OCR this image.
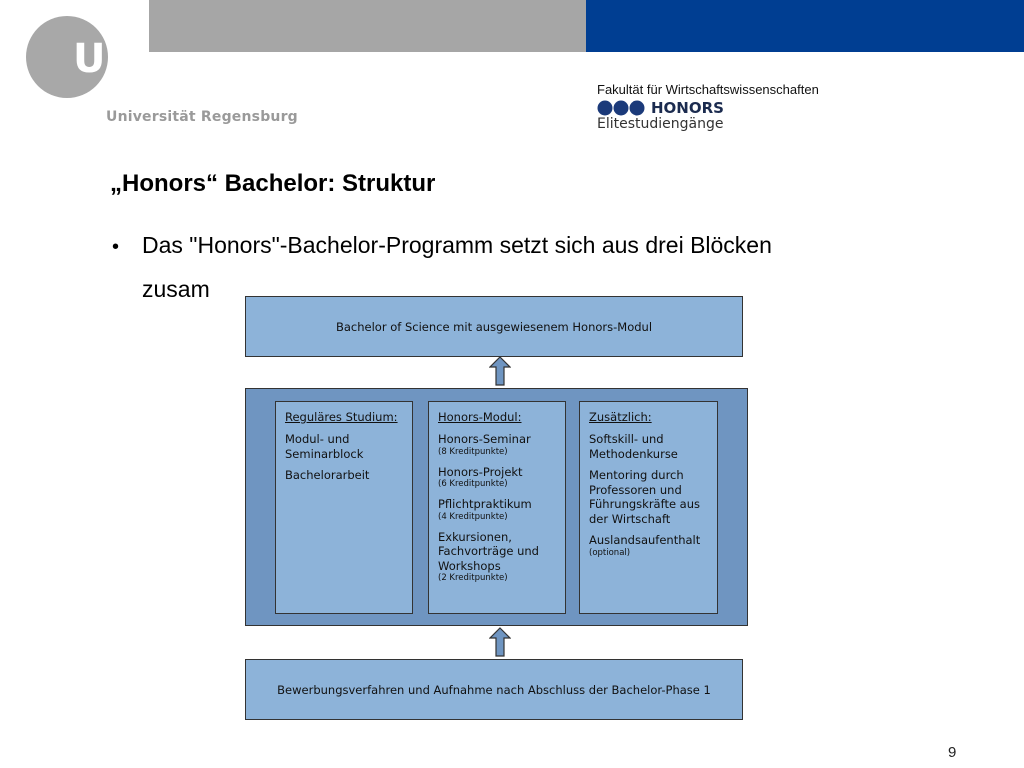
UR
Universität Regensburg
Fakultät für Wirtschaftswissenschaften
HONORS
Elitestudiengänge
„Honors“ Bachelor: Struktur
• Das "Honors"-Bachelor-Programm setzt sich aus drei Blöcken
zusam
Bachelor of Science mit ausgewiesenem Honors-Modul
Reguläres Studium:
Modul- und
Seminarblock
Bachelorarbeit
Honors-Modul:
Honors-Seminar
(8 Kreditpunkte)
Honors-Projekt
(6 Kreditpunkte)
Pflichtpraktikum
(4 Kreditpunkte)
Exkursionen,
Fachvorträge und
Workshops
(2 Kreditpunkte)
Zusätzlich:
Softskill- und
Methodenkurse
Mentoring durch
Professoren und
Führungskräfte aus
der Wirtschaft
Auslandsaufenthalt
(optional)
Bewerbungsverfahren und Aufnahme nach Abschluss der Bachelor-Phase 1
9
